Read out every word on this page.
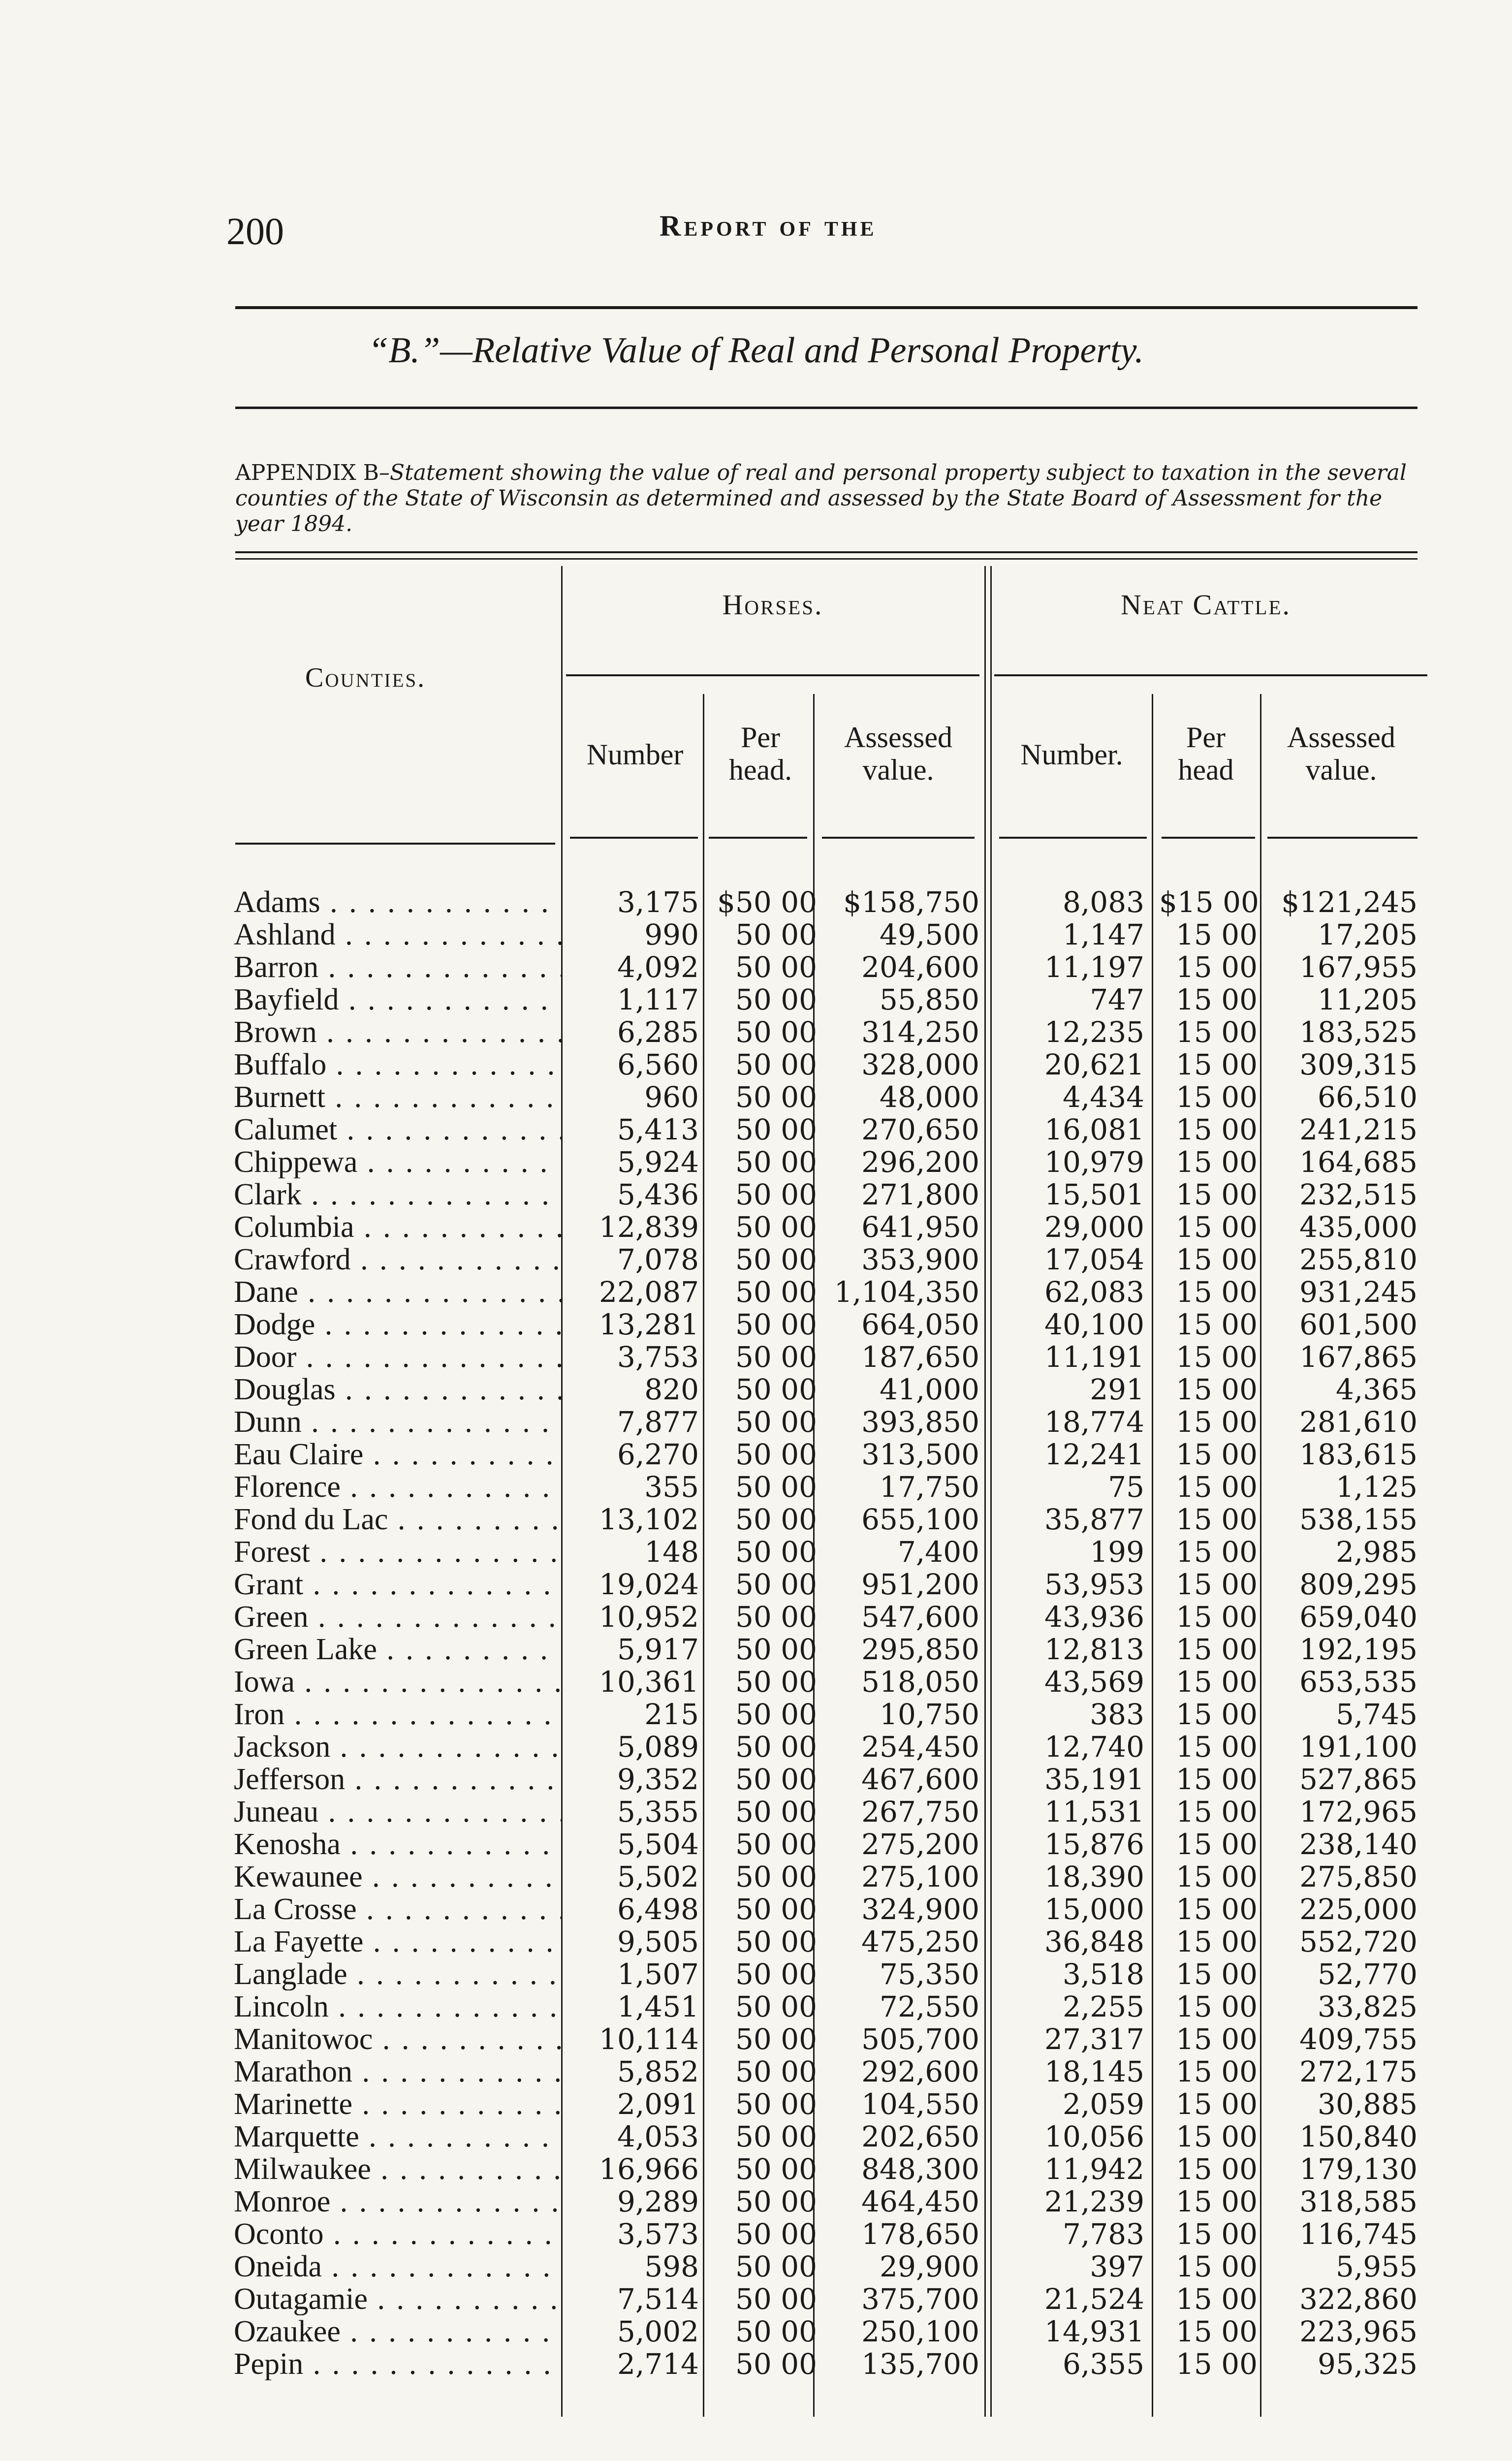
200	Report of the
“B.”—Relative Value of Real and Personal Property.
APPENDIX B–Statement showing the value of real and personal property subject to taxation in the several counties of the State of Wisconsin as determined and assessed by the State Board of Assessment for the year 1894.
Counties.
Horses.	Neat Cattle.
Number
Per head.
Assessed value.	Number.
Per head
Assessed value.
Adams . . .	3,175 $50 00 $158,750	8,083 $15 00 $121,245
Ashland . . .	990	50 00	49,500	1,147	15 00	17,205
Barron . . .	4,092	50 00	204,600	11,197	15 00	167,955
Bayfield . . .	1,117	50 00	55,850	747	15 00	11,205
Brown . . .	6,285	50 00	314,250	12,235	15 00	183,525
Buffalo . . .	6,560	50 00	328,000	20,621	15 00	309,315
Burnett . . .	960	50 00	48,000	4,434	15 00	66,510
Calumet . . .	5,413	50 00	270,650	16,081	15 00	241,215
Chippewa . . .	5,924	50 00	296,200	10,979	15 00	164,685
Clark . . .	5,436	50 00	271,800	15,501	15 00	232,515
Columbia . . .	12,839	50 00	641,950	29,000	15 00	435,000
Crawford . . .	7,078	50 00	353,900	17,054	15 00	255,810
Dane . . .	22,087	50 00 1,104,350	62,083	15 00	931,245
Dodge . . .	13,281	50 00	664,050	40,100	15 00	601,500
Door . . .	3,753	50 00	187,650	11,191	15 00	167,865
Douglas . . .	820	50 00	41,000	291	15 00	4,365
Dunn . . .	7,877	50 00	393,850	18,774	15 00	281,610
Eau Claire . . .	6,270	50 00	313,500	12,241	15 00	183,615
Florence . . .	355	50 00	17,750	75	15 00	1,125
Fond du Lac . . .	13,102	50 00	655,100	35,877	15 00	538,155
Forest . . .	148	50 00	7,400	199	15 00	2,985
Grant . . .	19,024	50 00	951,200	53,953	15 00	809,295
Green . . .	10,952	50 00	547,600	43,936	15 00	659,040
Green Lake . . .	5,917	50 00	295,850	12,813	15 00	192,195
Iowa . . .	10,361	50 00	518,050	43,569	15 00	653,535
Iron . . .	215	50 00	10,750	383	15 00	5,745
Jackson . . .	5,089	50 00	254,450	12,740	15 00	191,100
Jefferson . . .	9,352	50 00	467,600	35,191	15 00	527,865
Juneau . . .	5,355	50 00	267,750	11,531	15 00	172,965
Kenosha . . .	5,504	50 00	275,200	15,876	15 00	238,140
Kewaunee . . .	5,502	50 00	275,100	18,390	15 00	275,850
La Crosse . . .	6,498	50 00	324,900	15,000	15 00	225,000
La Fayette . . .	9,505	50 00	475,250	36,848	15 00	552,720
Langlade . . .	1,507	50 00	75,350	3,518	15 00	52,770
Lincoln . . .	1,451	50 00	72,550	2,255	15 00	33,825
Manitowoc . . .	10,114	50 00	505,700	27,317	15 00	409,755
Marathon . . .	5,852	50 00	292,600	18,145	15 00	272,175
Marinette . . .	2,091	50 00	104,550	2,059	15 00	30,885
Marquette . . .	4,053	50 00	202,650	10,056	15 00	150,840
Milwaukee . . .	16,966	50 00	848,300	11,942	15 00	179,130
Monroe . . .	9,289	50 00	464,450	21,239	15 00	318,585
Oconto . . .	3,573	50 00	178,650	7,783	15 00	116,745
Oneida . . .	598	50 00	29,900	397	15 00	5,955
Outagamie . . .	7,514	50 00	375,700	21,524	15 00	322,860
Ozaukee . . .	5,002	50 00	250,100	14,931	15 00	223,965
Pepin . . .	2,714	50 00	135,700	6,355	15 00	95,325
